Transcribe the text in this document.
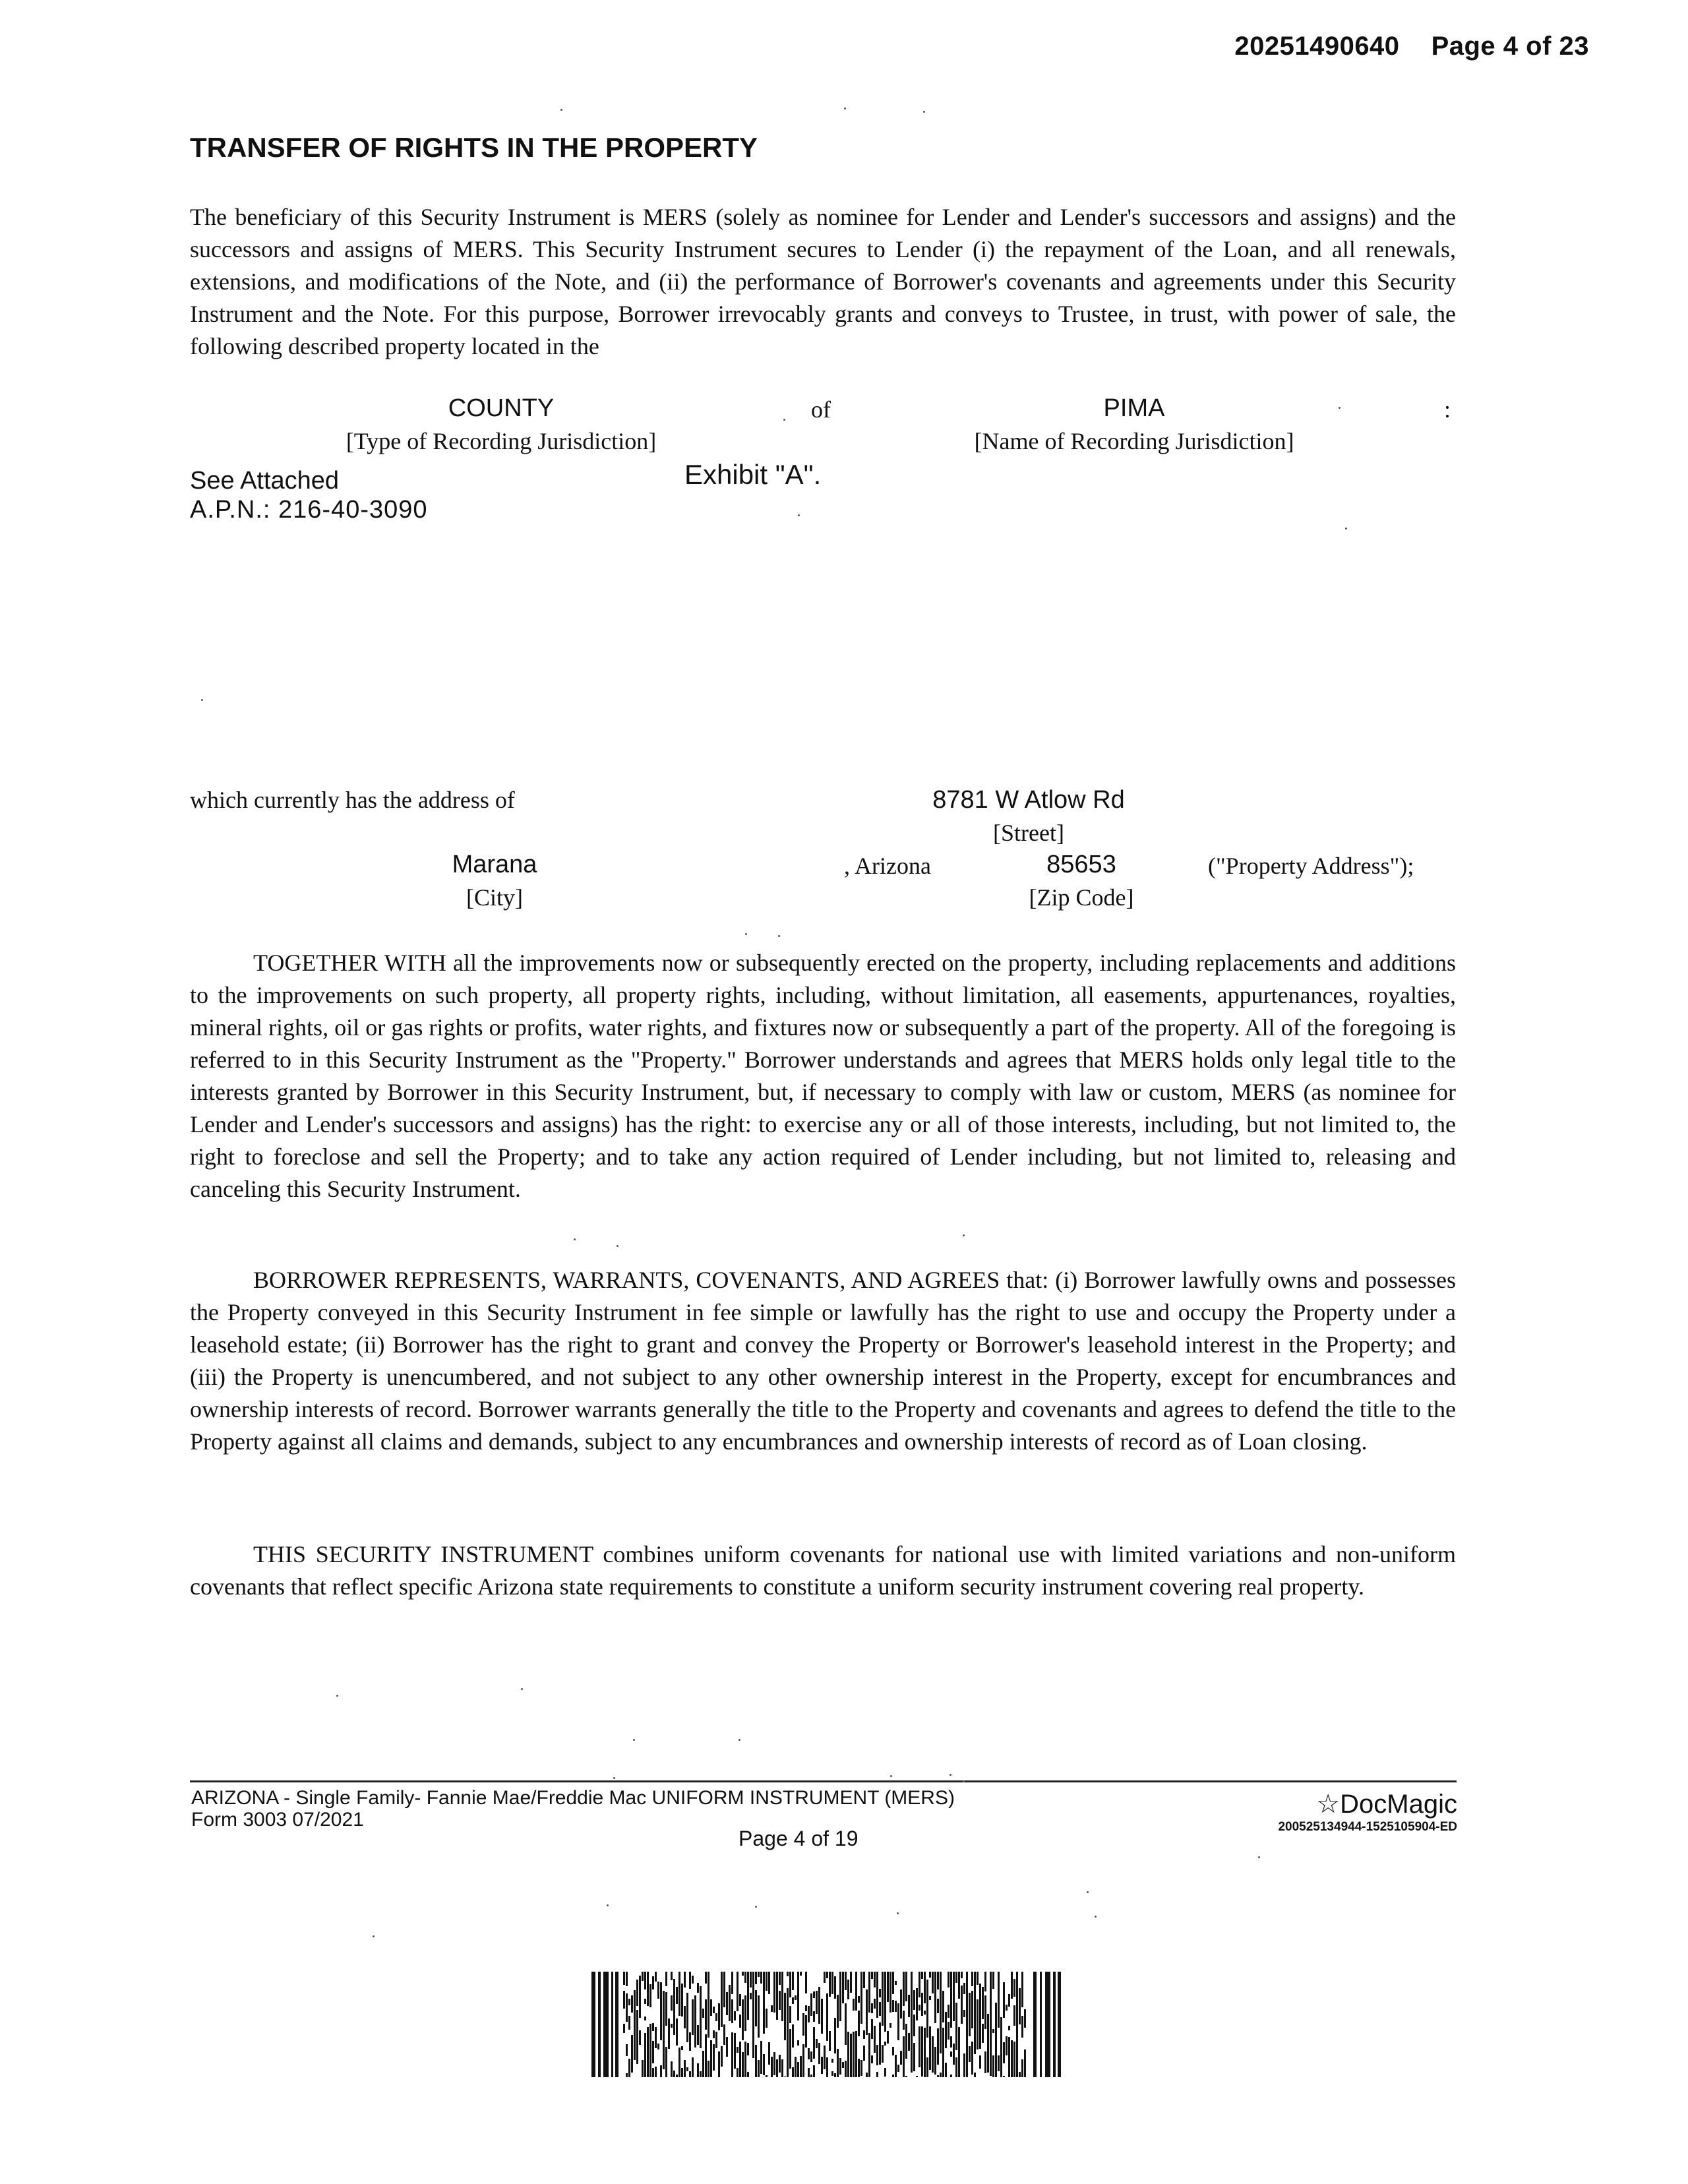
20251490640 Page 4 of 23
TRANSFER OF RIGHTS IN THE PROPERTY

The beneficiary of this Security Instrument is MERS (solely as nominee for Lender and Lender's successors and assigns) and the successors and assigns of MERS. This Security Instrument secures to Lender (i) the repayment of the Loan, and all renewals, extensions, and modifications of the Note, and (ii) the performance of Borrower's covenants and agreements under this Security Instrument and the Note. For this purpose, Borrower irrevocably grants and conveys to Trustee, in trust, with power of sale, the following described property located in the

COUNTY
[Type of Recording Jurisdiction]
of	PIMA
[Name of Recording Jurisdiction]
:
See Attached	Exhibit "A".
A.P.N.: 216-40-3090
which currently has the address of	8781 W Atlow Rd
[Street]
Marana
[City]
, Arizona	85653
[Zip Code]
("Property Address");

TOGETHER WITH all the improvements now or subsequently erected on the property, including replacements and additions to the improvements on such property, all property rights, including, without limitation, all easements, appurtenances, royalties, mineral rights, oil or gas rights or profits, water rights, and fixtures now or subsequently a part of the property. All of the foregoing is referred to in this Security Instrument as the "Property." Borrower understands and agrees that MERS holds only legal title to the interests granted by Borrower in this Security Instrument, but, if necessary to comply with law or custom, MERS (as nominee for Lender and Lender's successors and assigns) has the right: to exercise any or all of those interests, including, but not limited to, the right to foreclose and sell the Property; and to take any action required of Lender including, but not limited to, releasing and canceling this Security Instrument.

BORROWER REPRESENTS, WARRANTS, COVENANTS, AND AGREES that: (i) Borrower lawfully owns and possesses the Property conveyed in this Security Instrument in fee simple or lawfully has the right to use and occupy the Property under a leasehold estate; (ii) Borrower has the right to grant and convey the Property or Borrower's leasehold interest in the Property; and (iii) the Property is unencumbered, and not subject to any other ownership interest in the Property, except for encumbrances and ownership interests of record. Borrower warrants generally the title to the Property and covenants and agrees to defend the title to the Property against all claims and demands, subject to any encumbrances and ownership interests of record as of Loan closing.

THIS SECURITY INSTRUMENT combines uniform covenants for national use with limited variations and non-uniform covenants that reflect specific Arizona state requirements to constitute a uniform security instrument covering real property.

ARIZONA - Single Family- Fannie Mae/Freddie Mac UNIFORM INSTRUMENT (MERS)
Form 3003 07/2021
Page 4 of 19
☆DocMagic
200525134944-1525105904-ED
